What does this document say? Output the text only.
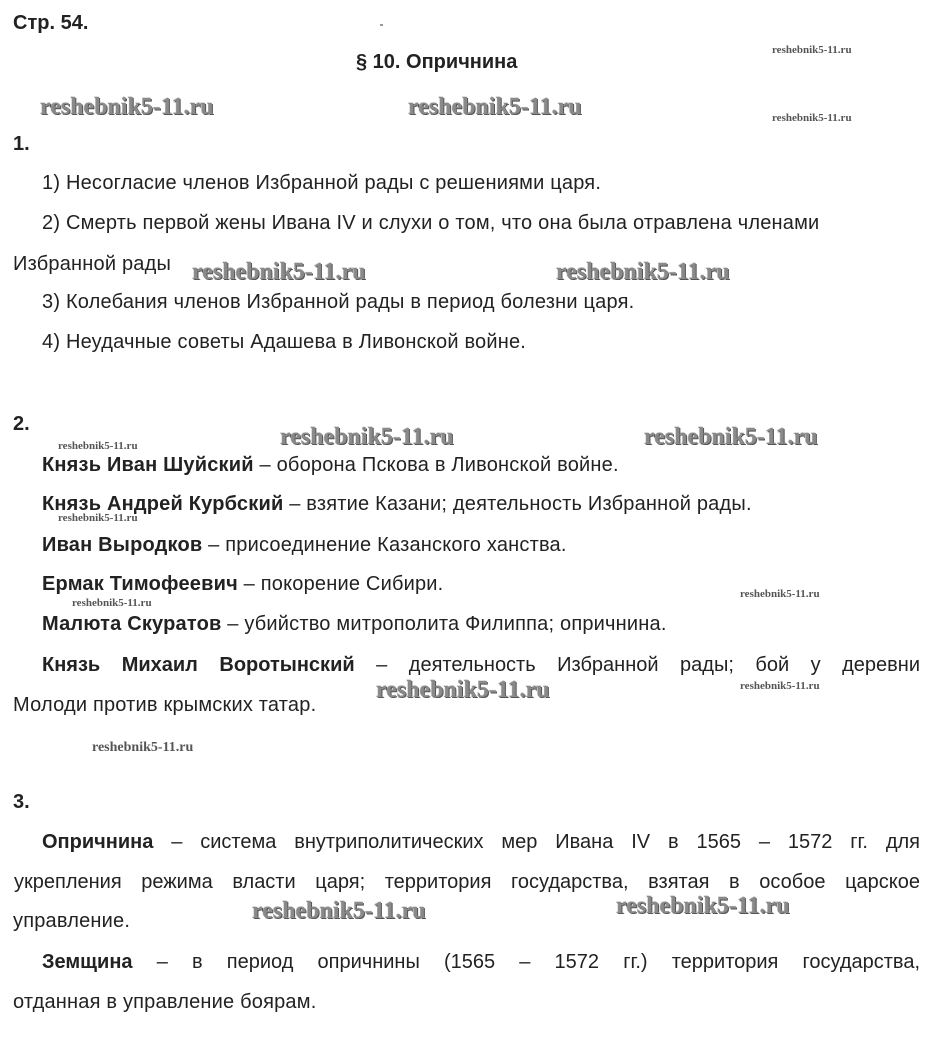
reshebnik5-11.ru	reshebnik5-11.ru
reshebnik5-11.ru
reshebnik5-11.ru
reshebnik5-11.ru	reshebnik5-11.ru
reshebnik5-11.ru	reshebnik5-11.ru	reshebnik5-11.ru
reshebnik5-11.ru
reshebnik5-11.ru
reshebnik5-11.ru
reshebnik5-11.ru
reshebnik5-11.ru
reshebnik5-11.ru
reshebnik5-11.ru	reshebnik5-11.ru
Стр. 54.
§ 10. Опричнина
1.
1) Несогласие членов Избранной рады с решениями царя.
2) Смерть первой жены Ивана IV и слухи о том, что она была отравлена членами
Избранной рады
3) Колебания членов Избранной рады в период болезни царя.
4) Неудачные советы Адашева в Ливонской войне.
2.
Князь Иван Шуйский – оборона Пскова в Ливонской войне.
Князь Андрей Курбский – взятие Казани; деятельность Избранной рады.
Иван Выродков – присоединение Казанского ханства.
Ермак Тимофеевич – покорение Сибири.
Малюта Скуратов – убийство митрополита Филиппа; опричнина.
Князь Михаил Воротынский – деятельность Избранной рады; бой у деревни
Молоди против крымских татар.
3.
Опричнина – система внутриполитических мер Ивана IV в 1565 – 1572 гг. для
укрепления режима власти царя; территория государства, взятая в особое царское
управление.
Земщина – в период опричнины (1565 – 1572 гг.) территория государства,
отданная в управление боярам.
